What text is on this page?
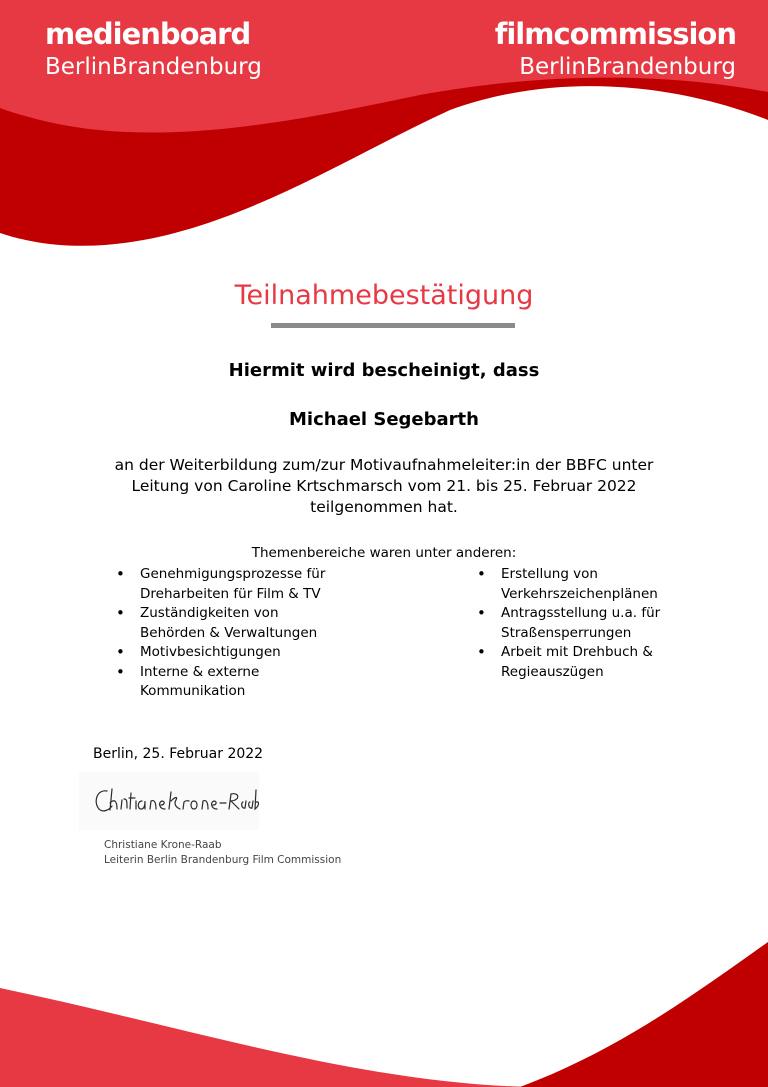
medienboard
BerlinBrandenburg
filmcommission
BerlinBrandenburg
Teilnahmebestätigung
Hiermit wird bescheinigt, dass
Michael Segebarth
an der Weiterbildung zum/zur Motivaufnahmeleiter:in der BBFC unter
Leitung von Caroline Krtschmarsch vom 21. bis 25. Februar 2022
teilgenommen hat.
Themenbereiche waren unter anderen:
• Genehmigungsprozesse für Dreharbeiten für Film & TV
• Zuständigkeiten von Behörden & Verwaltungen
• Motivbesichtigungen
• Interne & externe Kommunikation
• Erstellung von Verkehrszeichenplänen
• Antragsstellung u.a. für Straßensperrungen
• Arbeit mit Drehbuch & Regieauszügen
Berlin, 25. Februar 2022
Christiane Krone-Raab
Leiterin Berlin Brandenburg Film Commission
